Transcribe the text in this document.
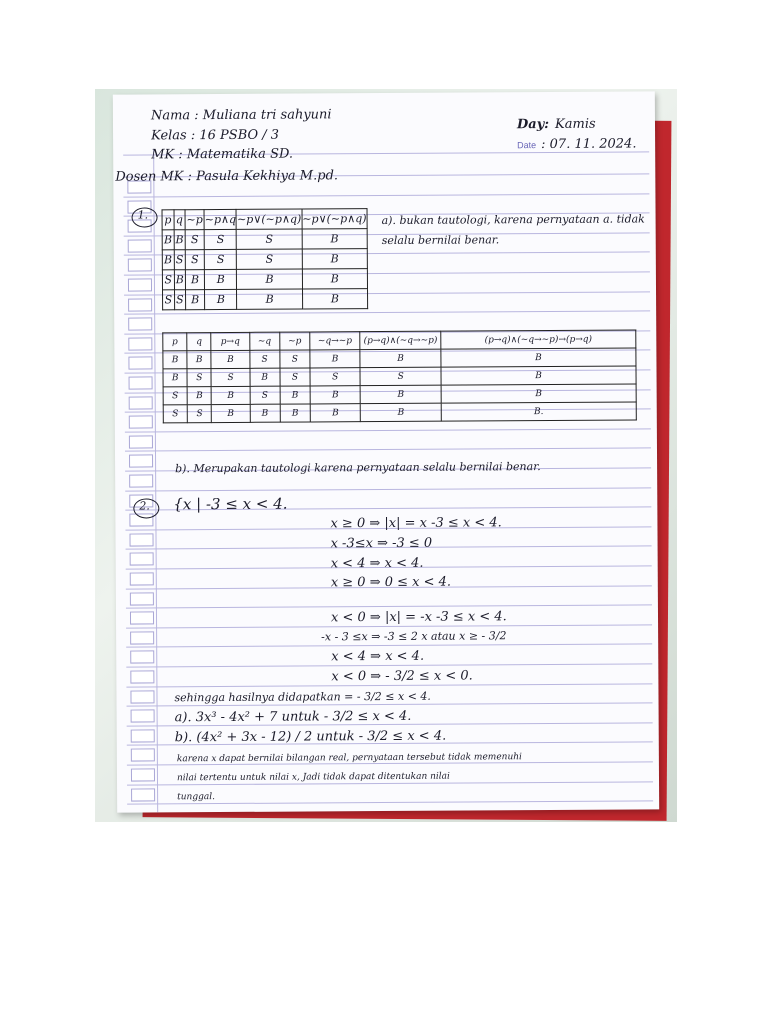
Nama : Muliana tri sahyuni
Kelas : 16 PSBO / 3
MK : Matematika SD.
Dosen MK : Pasula Kekhiya M.pd.
Day: Kamis
Date : 07. 11. 2024.
1. p	q	~p	~p∧q	~p∨(~p∧q)	~p∨(~p∧q)
B	B	S	S	S	B
B	S	S	S	S	B
S	B	B	B	B	B
S	S	B	B	B	B
a). bukan tautologi, karena pernyataan a. tidak selalu bernilai benar.
p	q	p→q	~q	~p	~q→~p	(p→q)∧(~q→~p)	(p→q)∧(~q→~p)→(p→q)
B	B	B	S	S	B	B	B
B	S	S	B	S	S	S	B
S	B	B	S	B	B	B	B
S	S	B	B	B	B	B	B.
b). Merupakan tautologi karena pernyataan selalu bernilai benar.
2. {x | -3 ≤ x < 4.
x ≥ 0 ⇒ |x| = x -3 ≤ x < 4.
x -3≤x ⇒ -3 ≤ 0
x < 4 ⇒ x < 4.
x ≥ 0 ⇒ 0 ≤ x < 4.
x < 0 ⇒ |x| = -x -3 ≤ x < 4.
-x - 3 ≤x ⇒ -3 ≤ 2 x atau x ≥ - 3/2
x < 4 ⇒ x < 4.
x < 0 ⇒ - 3/2 ≤ x < 0.
sehingga hasilnya didapatkan = - 3/2 ≤ x < 4.
a). 3x³ - 4x² + 7 untuk - 3/2 ≤ x < 4.
b). (4x² + 3x - 12) / 2 untuk - 3/2 ≤ x < 4.
karena x dapat bernilai bilangan real, pernyataan tersebut tidak memenuhi
nilai tertentu untuk nilai x, Jadi tidak dapat ditentukan nilai
tunggal.
